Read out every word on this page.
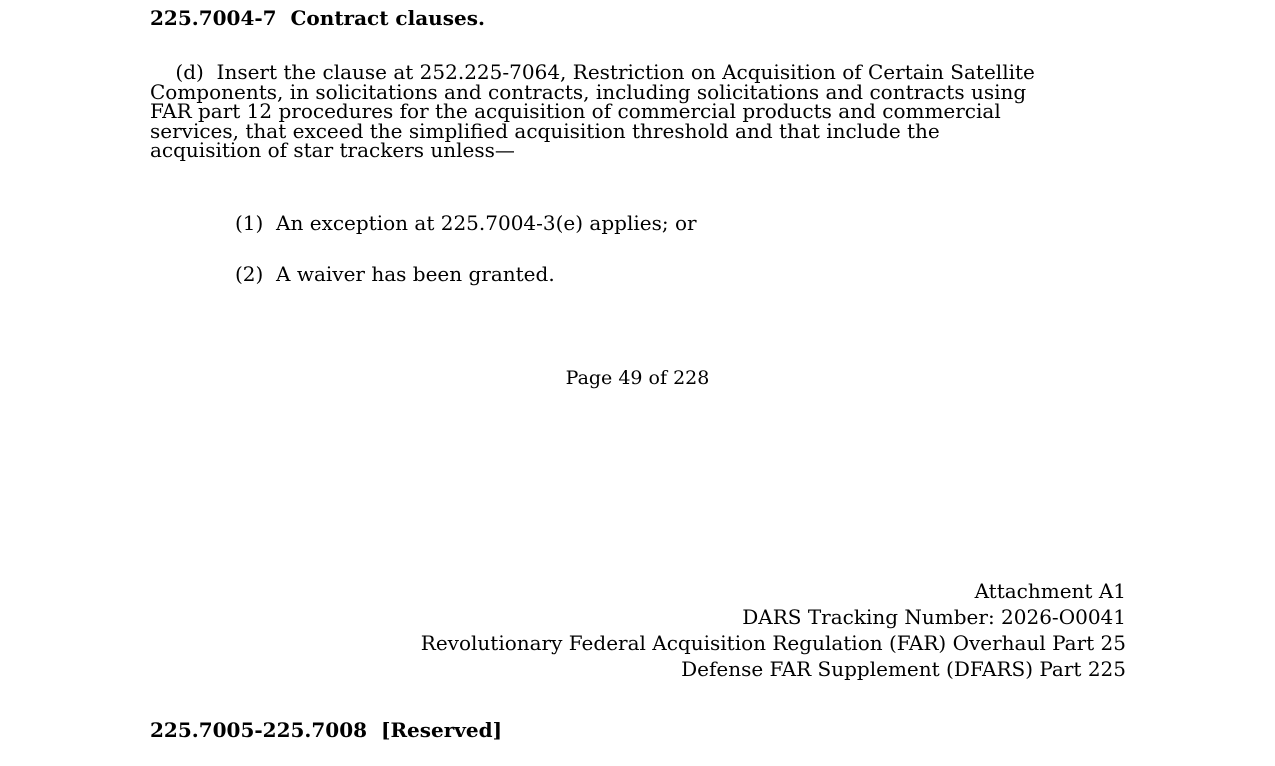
225.7004-7  Contract clauses.
(d)  Insert the clause at 252.225-7064, Restriction on Acquisition of Certain Satellite
Components, in solicitations and contracts, including solicitations and contracts using
FAR part 12 procedures for the acquisition of commercial products and commercial
services, that exceed the simplified acquisition threshold and that include the
acquisition of star trackers unless—
(1)  An exception at 225.7004-3(e) applies; or
(2)  A waiver has been granted.
Page 49 of 228
Attachment A1
DARS Tracking Number: 2026-O0041
Revolutionary Federal Acquisition Regulation (FAR) Overhaul Part 25
Defense FAR Supplement (DFARS) Part 225
225.7005-225.7008  [Reserved]
